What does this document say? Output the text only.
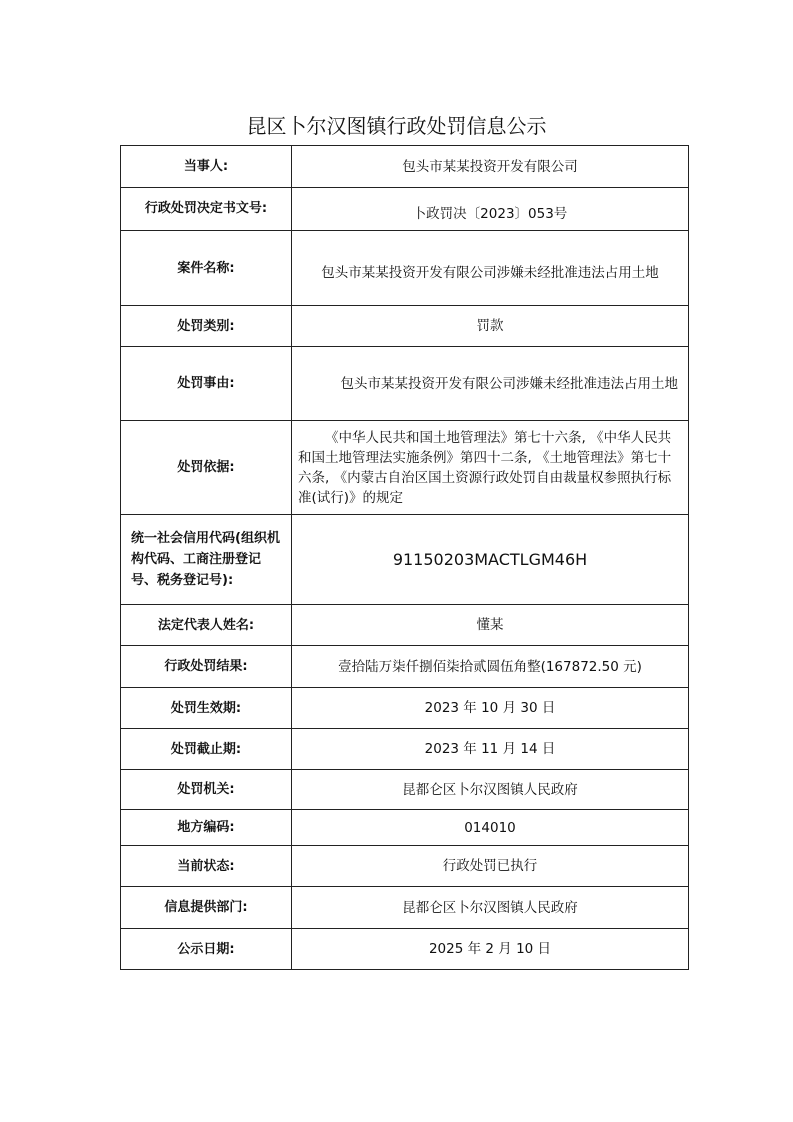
昆区卜尔汉图镇行政处罚信息公示
当事人:	包头市某某投资开发有限公司
行政处罚决定书文号:	卜政罚决〔2023〕053号
案件名称:	包头市某某投资开发有限公司涉嫌未经批准违法占用土地
处罚类别:	罚款
处罚事由:	包头市某某投资开发有限公司涉嫌未经批准违法占用土地
处罚依据:	《中华人民共和国土地管理法》第七十六条, 《中华人民共和国土地管理法实施条例》第四十二条, 《土地管理法》第七十六条, 《内蒙古自治区国土资源行政处罚自由裁量权参照执行标准(试行)》的规定
统一社会信用代码(组织机构代码、工商注册登记号、税务登记号):	91150203MACTLGM46H
法定代表人姓名:	懂某
行政处罚结果:	壹拾陆万柒仟捌佰柒拾贰圆伍角整(167872.50 元)
处罚生效期:	2023 年 10 月 30 日
处罚截止期:	2023 年 11 月 14 日
处罚机关:	昆都仑区卜尔汉图镇人民政府
地方编码:	014010
当前状态:	行政处罚已执行
信息提供部门:	昆都仑区卜尔汉图镇人民政府
公示日期:	2025 年 2 月 10 日
